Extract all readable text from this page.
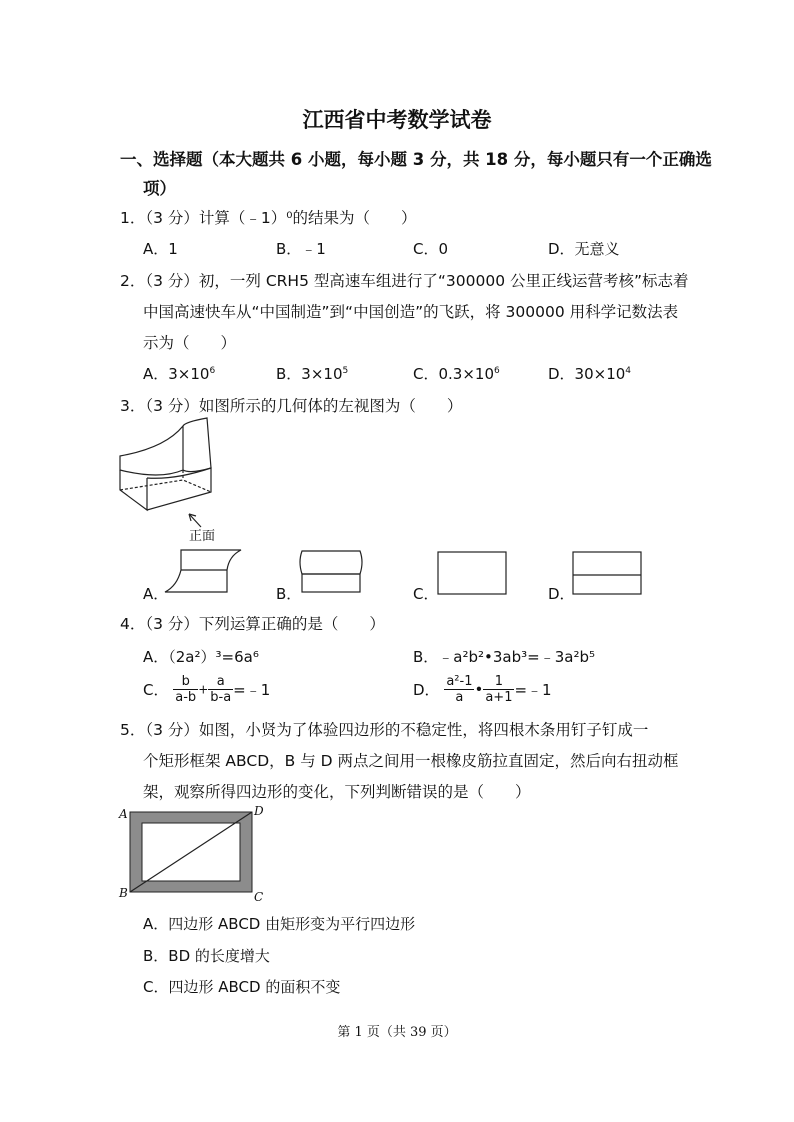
江西省中考数学试卷
一、选择题（本大题共 6 小题，每小题 3 分，共 18 分，每小题只有一个正确选
项）
1．（3 分）计算（﹣1）⁰的结果为（　　）
A．1	B．﹣1	C．0	D．无意义
2．（3 分）初，一列 CRH5 型高速车组进行了“300000 公里正线运营考核”标志着
中国高速快车从“中国制造”到“中国创造”的飞跃，将 300000 用科学记数法表
示为（　　）
A．$3\times 10^6$	B．$3\times 10^5$	C．$0.3\times 10^6$	D．$30\times 10^4$
3．（3 分）如图所示的几何体的左视图为（　　）
正面
A．	B．	C．	D．
4．（3 分）下列运算正确的是（　　）
A．（2a²）³=6a⁶	B．﹣a²b²•3ab³=﹣3a²b⁵
C． $\frac{b}{a-b} + \frac{a}{b-a}$ =﹣1	D． $\frac{\text{a²-1}}{a}$ • $\frac{1}{a+1}$ =﹣1
5．（3 分）如图，小贤为了体验四边形的不稳定性，将四根木条用钉子钉成一
个矩形框架 ABCD，B 与 D 两点之间用一根橡皮筋拉直固定，然后向右扭动框
架，观察所得四边形的变化，下列判断错误的是（　　）
A	D
B	C
A．四边形 ABCD 由矩形变为平行四边形
B．BD 的长度增大
C．四边形 ABCD 的面积不变
第 1 页（共 39 页）
